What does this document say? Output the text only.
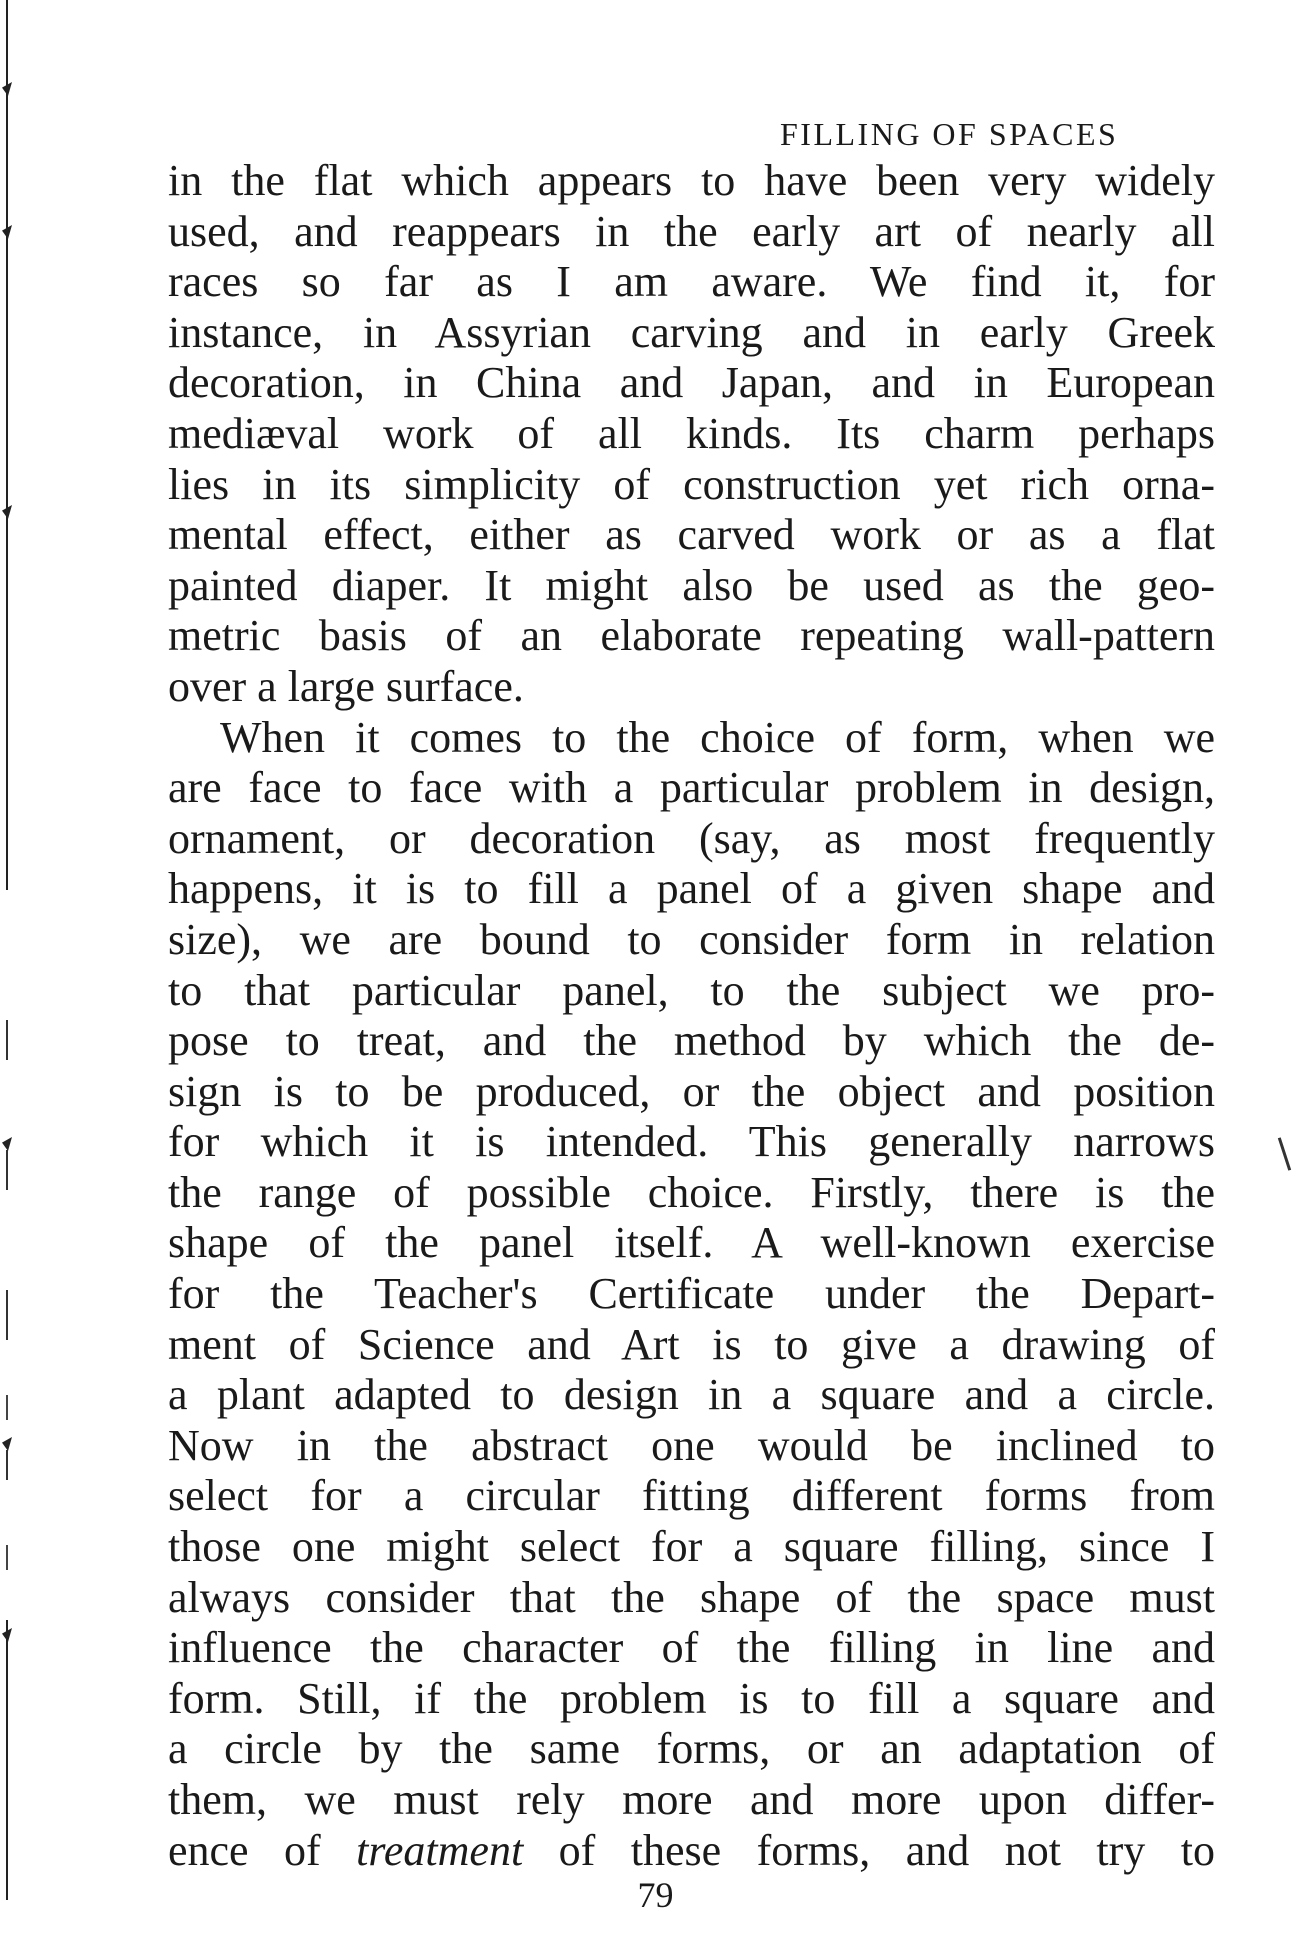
FILLING OF SPACES
in the flat which appears to have been very widely
used, and reappears in the early art of nearly all
races so far as I am aware. We find it, for
instance, in Assyrian carving and in early Greek
decoration, in China and Japan, and in European
mediæval work of all kinds. Its charm perhaps
lies in its simplicity of construction yet rich orna-
mental effect, either as carved work or as a flat
painted diaper. It might also be used as the geo-
metric basis of an elaborate repeating wall-pattern
over a large surface.
When it comes to the choice of form, when we
are face to face with a particular problem in design,
ornament, or decoration (say, as most frequently
happens, it is to fill a panel of a given shape and
size), we are bound to consider form in relation
to that particular panel, to the subject we pro-
pose to treat, and the method by which the de-
sign is to be produced, or the object and position
for which it is intended. This generally narrows
the range of possible choice. Firstly, there is the
shape of the panel itself. A well-known exercise
for the Teacher's Certificate under the Depart-
ment of Science and Art is to give a drawing of
a plant adapted to design in a square and a circle.
Now in the abstract one would be inclined to
select for a circular fitting different forms from
those one might select for a square filling, since I
always consider that the shape of the space must
influence the character of the filling in line and
form. Still, if the problem is to fill a square and
a circle by the same forms, or an adaptation of
them, we must rely more and more upon differ-
ence of treatment of these forms, and not try to
79
